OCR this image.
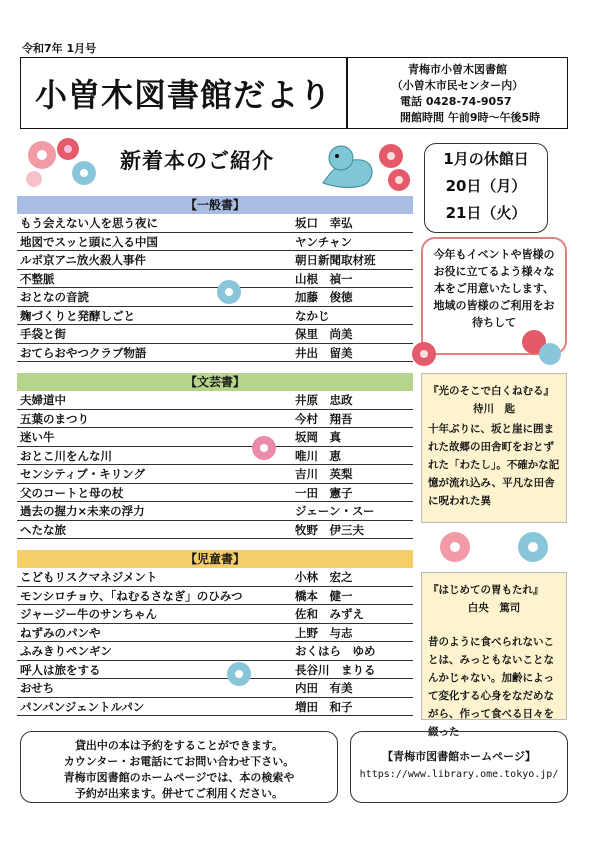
令和7年 1月号
小曽木図書館だより
青梅市小曽木図書館
（小曽木市民センター内）
電話 0428-74-9057
開館時間 午前9時～午後5時
新着本のご紹介	1月の休館日
20日（月）
21日（火）
今年もイベントや皆様のお役に立てるよう様々な本をご用意いたします、地域の皆様のご利用をお待ちして
【一般書】
もう会えない人を思う夜に	坂口　幸弘
地図でスッと頭に入る中国	ヤンチャン
ルポ京アニ放火殺人事件	朝日新聞取材班
不整脈	山根　禎一
おとなの音読	加藤　俊徳
麹づくりと発酵しごと	なかじ
手袋と街	保里　尚美
おてらおやつクラブ物語	井出　留美
【文芸書】
夫婦道中	井原　忠政
五葉のまつり	今村　翔吾
迷い牛	坂岡　真
おとこ川をんな川	唯川　恵
センシティブ・キリング	吉川　英梨
父のコートと母の杖	一田　憲子
過去の握力×未来の浮力	ジェーン・スー
へたな旅	牧野　伊三夫
【児童書】
こどもリスクマネジメント	小林　宏之
モンシロチョウ、「ねむるさなぎ」のひみつ	橋本　健一
ジャージー牛のサンちゃん	佐和　みずえ
ねずみのパンや	上野　与志
ふみきりペンギン	おくはら　ゆめ
呼人は旅をする	長谷川　まりる
おせち	内田　有美
パンパンジェントルパン	増田　和子
『光のそこで白くねむる』
待川　匙
十年ぶりに、坂と崖に囲まれた故郷の田舎町をおとずれた「わたし」。不確かな記憶が流れ込み、平凡な田舎に呪われた異
『はじめての胃もたれ』
白央　篤司
昔のように食べられないことは、みっともないことなんかじゃない。加齢によって変化する心身をなだめながら、作って食べる日々を綴った
貸出中の本は予約をすることができます。
カウンター・お電話にてお問い合わせ下さい。
青梅市図書館のホームページでは、本の検索や
予約が出来ます。併せてご利用ください。
【青梅市図書館ホームページ】
https://www.library.ome.tokyo.jp/
